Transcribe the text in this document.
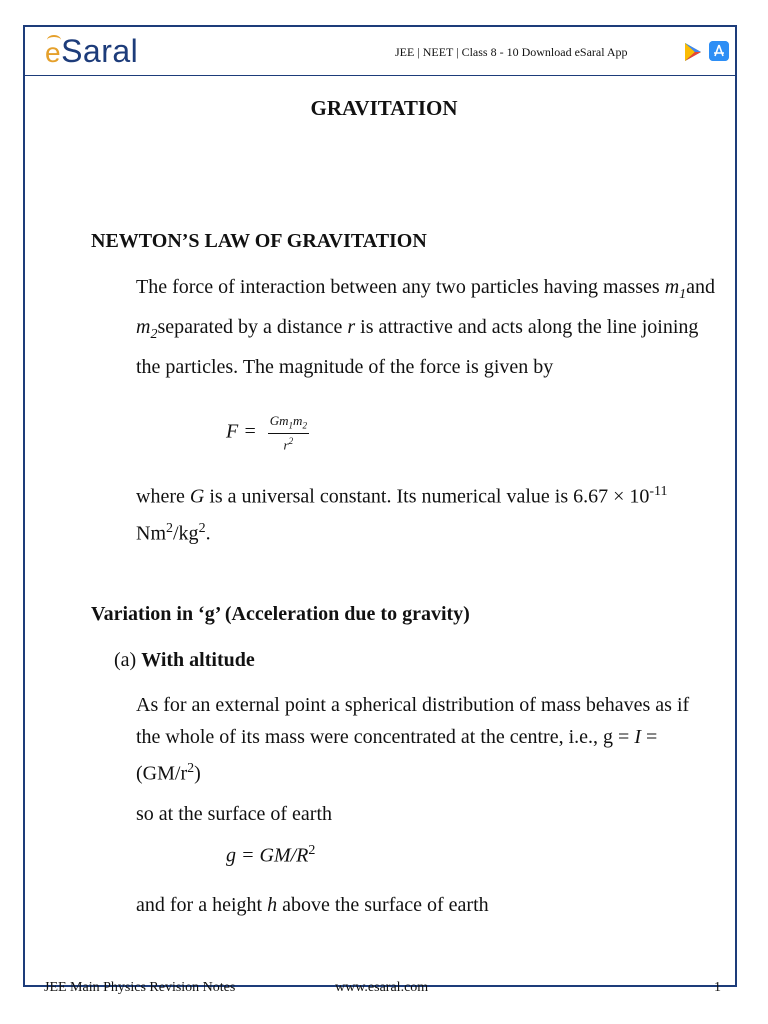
eSaral	JEE | NEET | Class 8 - 10 Download eSaral App
GRAVITATION
NEWTON’S LAW OF GRAVITATION
The force of interaction between any two particles having masses $m_1and$ $m_2separated$ by a distance r is attractive and acts along the line joining the particles. The magnitude of the force is given by
$F = \frac{Gm_1m_2}{r^2}$
where G is a universal constant. Its numerical value is $6.67 \times 10^{-11}$ $Nm^2/kg^2$.
Variation in ‘g’ (Acceleration due to gravity)
(a) With altitude
As for an external point a spherical distribution of mass behaves as if the whole of its mass were concentrated at the centre, i.e., $g = I = (GM/r^2)$
so at the surface of earth
$g = GM/R^2$
and for a height h above the surface of earth
JEE Main Physics Revision Notes	www.esaral.com	1
